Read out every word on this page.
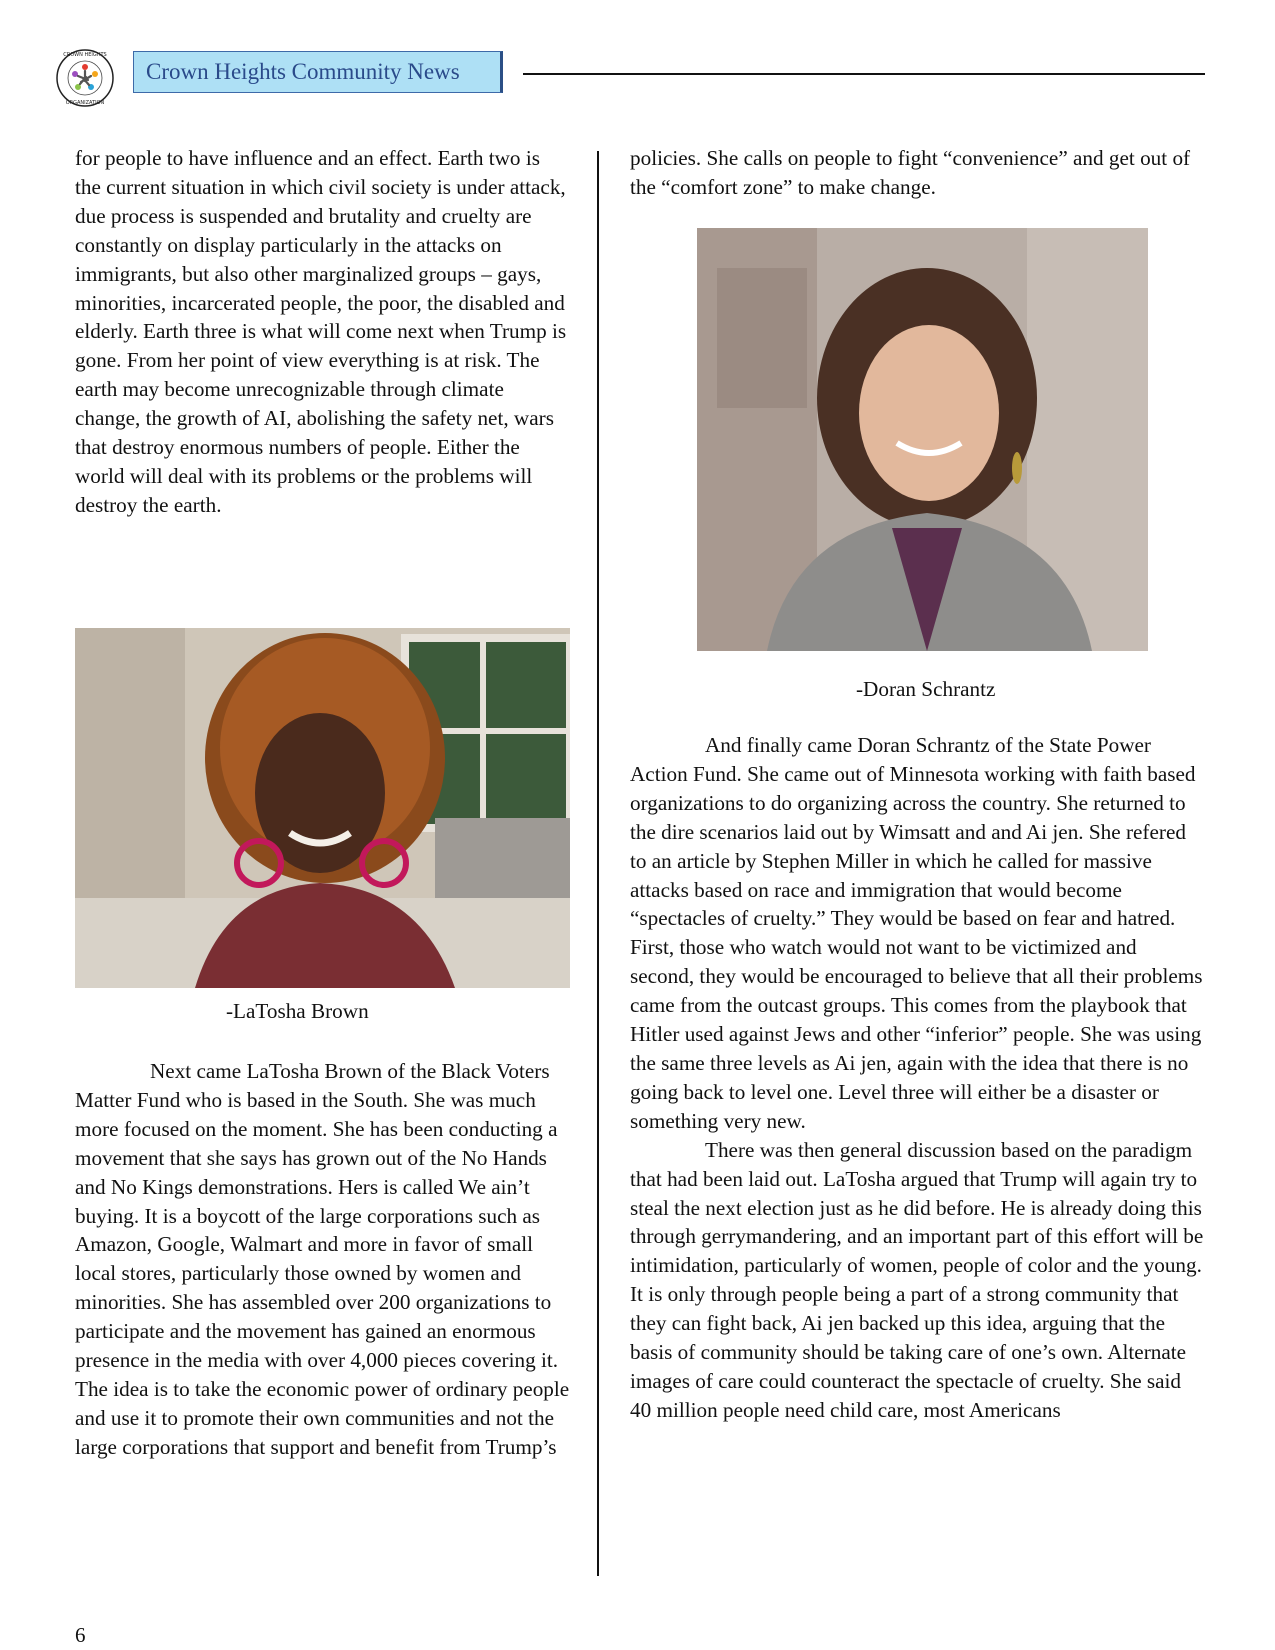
CROWN HEIGHTS
ORGANIZATION
Crown Heights Community News

for people to have influence and an effect. Earth two is the current situation in which civil society is under attack, due process is suspended and brutality and cruelty are constantly on display particularly in the attacks on immigrants, but also other marginalized groups – gays, minorities, incarcerated people, the poor, the disabled and elderly. Earth three is what will come next when Trump is gone. From her point of view everything is at risk. The earth may become unrecognizable through climate change, the growth of AI, abolishing the safety net, wars that destroy enormous numbers of people. Either the world will deal with its problems or the problems will destroy the earth.

-LaTosha Brown

Next came LaTosha Brown of the Black Voters Matter Fund who is based in the South. She was much more focused on the moment. She has been conducting a movement that she says has grown out of the No Hands and No Kings demonstrations. Hers is called We ain’t buying. It is a boycott of the large corporations such as Amazon, Google, Walmart and more in favor of small local stores, particularly those owned by women and minorities. She has assembled over 200 organizations to participate and the movement has gained an enormous presence in the media with over 4,000 pieces covering it. The idea is to take the economic power of ordinary people and use it to promote their own communities and not the large corporations that support and benefit from Trump’s

policies. She calls on people to fight “convenience” and get out of the “comfort zone” to make change.

-Doran Schrantz

And finally came Doran Schrantz of the State Power Action Fund. She came out of Minnesota working with faith based organizations to do organizing across the country. She returned to the dire scenarios laid out by Wimsatt and and Ai jen. She refered to an article by Stephen Miller in which he called for massive attacks based on race and immigration that would become “spectacles of cruelty.” They would be based on fear and hatred. First, those who watch would not want to be victimized and second, they would be encouraged to believe that all their problems came from the outcast groups. This comes from the playbook that Hitler used against Jews and other “inferior” people. She was using the same three levels as Ai jen, again with the idea that there is no going back to level one. Level three will either be a disaster or something very new.

There was then general discussion based on the paradigm that had been laid out. LaTosha argued that Trump will again try to steal the next election just as he did before. He is already doing this through gerrymandering, and an important part of this effort will be intimidation, particularly of women, people of color and the young. It is only through people being a part of a strong community that they can fight back, Ai jen backed up this idea, arguing that the basis of community should be taking care of one’s own. Alternate images of care could counteract the spectacle of cruelty. She said 40 million people need child care, most Americans

6
